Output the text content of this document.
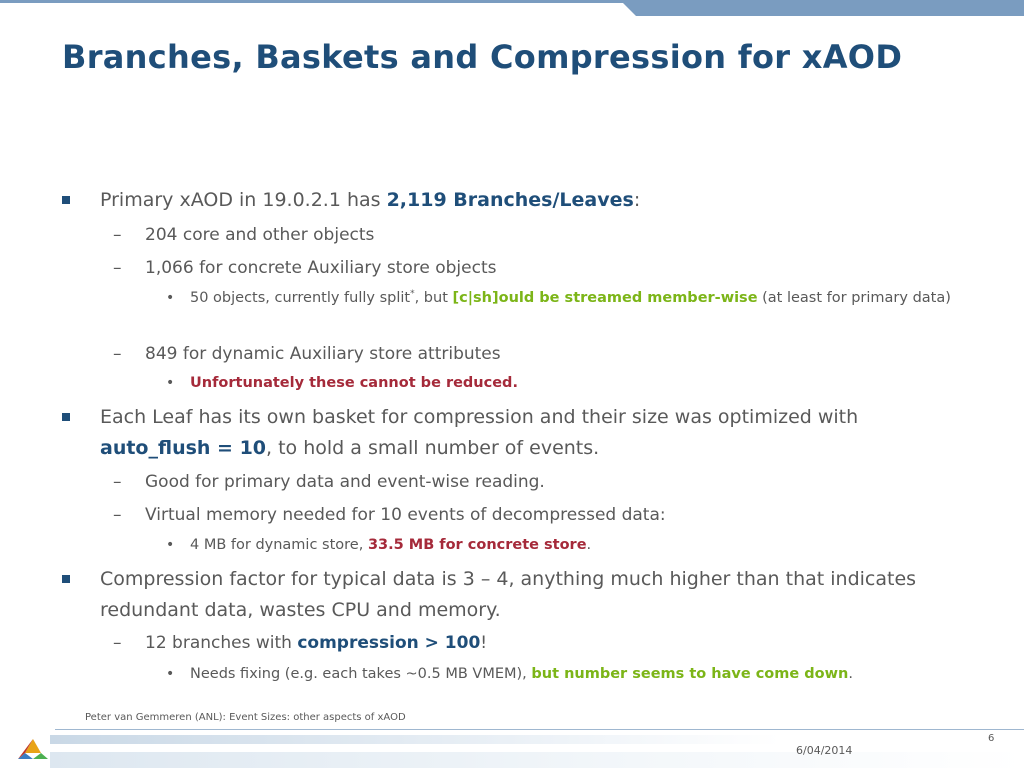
Branches, Baskets and Compression for xAOD
Primary xAOD in 19.0.2.1 has 2,119 Branches/Leaves:
– 204 core and other objects
– 1,066 for concrete Auxiliary store objects
• 50 objects, currently fully split*, but [c|sh]ould be streamed member-wise (at least for primary data)
– 849 for dynamic Auxiliary store attributes
• Unfortunately these cannot be reduced.
Each Leaf has its own basket for compression and their size was optimized with auto_flush = 10, to hold a small number of events.
– Good for primary data and event-wise reading.
– Virtual memory needed for 10 events of decompressed data:
• 4 MB for dynamic store, 33.5 MB for concrete store.
Compression factor for typical data is 3 – 4, anything much higher than that indicates redundant data, wastes CPU and memory.
– 12 branches with compression > 100!
• Needs fixing (e.g. each takes ~0.5 MB VMEM), but number seems to have come down.
Peter van Gemmeren (ANL): Event Sizes: other aspects of xAOD
6
6/04/2014
